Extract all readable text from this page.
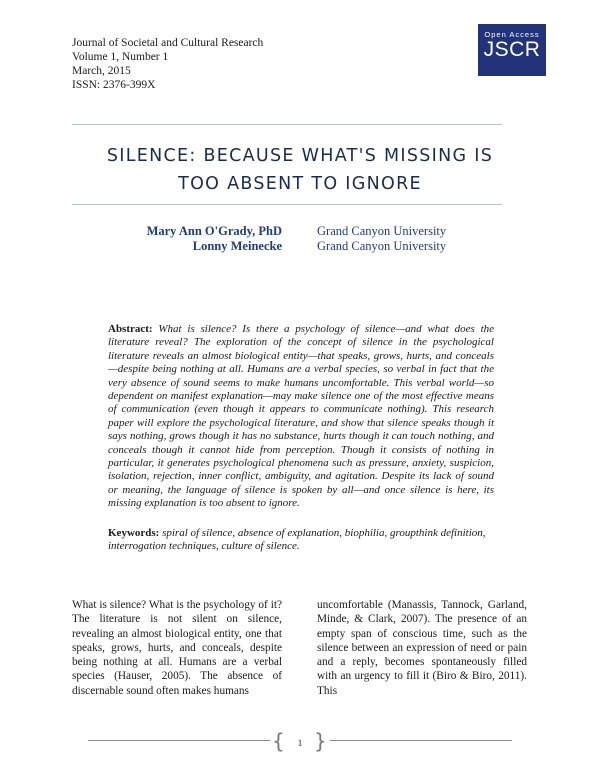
Journal of Societal and Cultural Research
Volume 1, Number 1
March, 2015
ISSN: 2376-399X
Open Access
JSCR
SILENCE: BECAUSE WHAT'S MISSING IS
TOO ABSENT TO IGNORE
Mary Ann O'Grady, PhD	Grand Canyon University
Lonny Meinecke	Grand Canyon University

Abstract: What is silence? Is there a psychology of silence—and what does the literature reveal? The exploration of the concept of silence in the psychological literature reveals an almost biological entity—that speaks, grows, hurts, and conceals—despite being nothing at all. Humans are a verbal species, so verbal in fact that the very absence of sound seems to make humans uncomfortable. This verbal world—so dependent on manifest explanation—may make silence one of the most effective means of communication (even though it appears to communicate nothing). This research paper will explore the psychological literature, and show that silence speaks though it says nothing, grows though it has no substance, hurts though it can touch nothing, and conceals though it cannot hide from perception. Though it consists of nothing in particular, it generates psychological phenomena such as pressure, anxiety, suspicion, isolation, rejection, inner conflict, ambiguity, and agitation. Despite its lack of sound or meaning, the language of silence is spoken by all—and once silence is here, its missing explanation is too absent to ignore.

Keywords: spiral of silence, absence of explanation, biophilia, groupthink definition, interrogation techniques, culture of silence.

What is silence? What is the psychology of it? The literature is not silent on silence, revealing an almost biological entity, one that speaks, grows, hurts, and conceals, despite being nothing at all. Humans are a verbal species (Hauser, 2005). The absence of discernable sound often makes humans

uncomfortable (Manassis, Tannock, Garland, Minde, & Clark, 2007). The presence of an empty span of conscious time, such as the silence between an expression of need or pain and a reply, becomes spontaneously filled with an urgency to fill it (Biro & Biro, 2011). This

{	1 }
